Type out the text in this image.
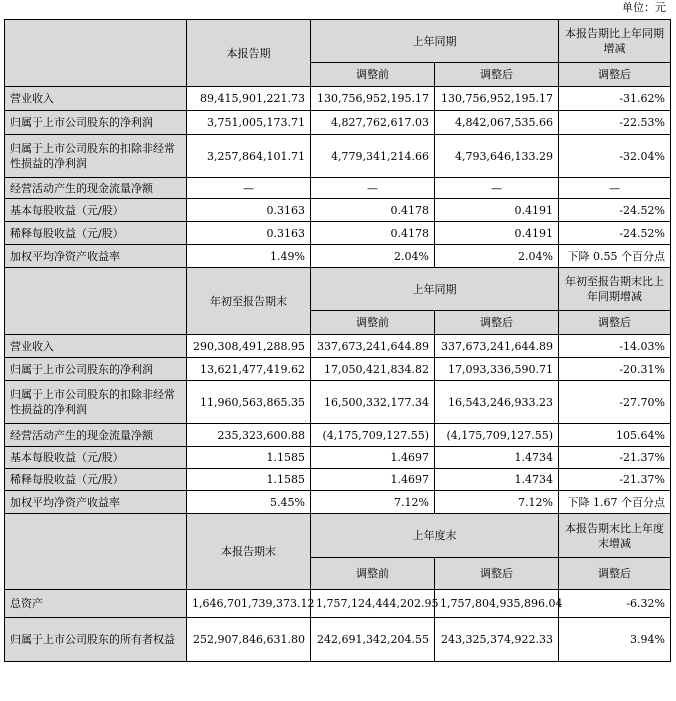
单位：元
	本报告期	上年同期		本报告期比上年同期增减
		调整前	调整后	调整后
营业收入	89,415,901,221.73	130,756,952,195.17	130,756,952,195.17	-31.62%
归属于上市公司股东的净利润	3,751,005,173.71	4,827,762,617.03	4,842,067,535.66	-22.53%
归属于上市公司股东的扣除非经常性损益的净利润	3,257,864,101.71	4,779,341,214.66	4,793,646,133.29	-32.04%
经营活动产生的现金流量净额	—	—	—	—
基本每股收益（元/股）	0.3163	0.4178	0.4191	-24.52%
稀释每股收益（元/股）	0.3163	0.4178	0.4191	-24.52%
加权平均净资产收益率	1.49%	2.04%	2.04%	下降 0.55 个百分点
	年初至报告期末	上年同期		年初至报告期末比上年同期增减
		调整前	调整后	调整后
营业收入	290,308,491,288.95	337,673,241,644.89	337,673,241,644.89	-14.03%
归属于上市公司股东的净利润	13,621,477,419.62	17,050,421,834.82	17,093,336,590.71	-20.31%
归属于上市公司股东的扣除非经常性损益的净利润	11,960,563,865.35	16,500,332,177.34	16,543,246,933.23	-27.70%
经营活动产生的现金流量净额	235,323,600.88	(4,175,709,127.55)	(4,175,709,127.55)	105.64%
基本每股收益（元/股）	1.1585	1.4697	1.4734	-21.37%
稀释每股收益（元/股）	1.1585	1.4697	1.4734	-21.37%
加权平均净资产收益率	5.45%	7.12%	7.12%	下降 1.67 个百分点
	本报告期末	上年度末		本报告期末比上年度末增减
		调整前	调整后	调整后
总资产	1,646,701,739,373.12	1,757,124,444,202.95	1,757,804,935,896.04	-6.32%
归属于上市公司股东的所有者权益	252,907,846,631.80	242,691,342,204.55	243,325,374,922.33	3.94%
